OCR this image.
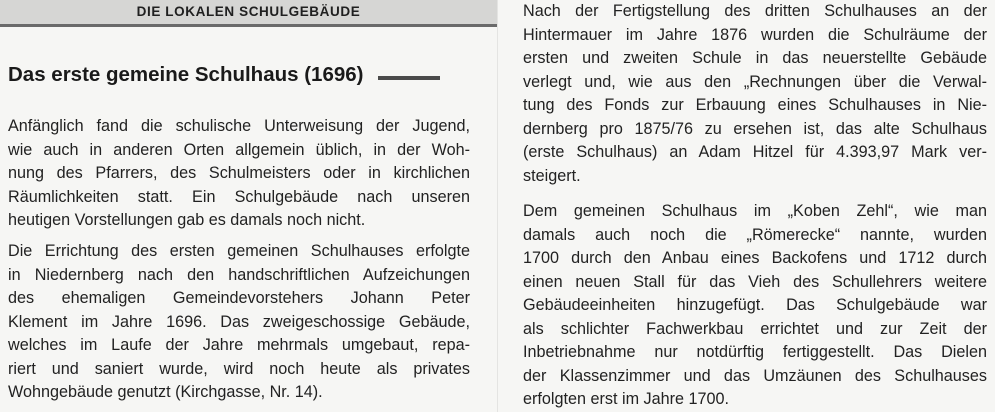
DIE LOKALEN SCHULGEBÄUDE
Das erste gemeine Schulhaus (1696)
Anfänglich fand die schulische Unterweisung der Jugend,
wie auch in anderen Orten allgemein üblich, in der Woh-
nung des Pfarrers, des Schulmeisters oder in kirchlichen
Räumlichkeiten statt. Ein Schulgebäude nach unseren
heutigen Vorstellungen gab es damals noch nicht.
Die Errichtung des ersten gemeinen Schulhauses erfolgte
in Niedernberg nach den handschriftlichen Aufzeichungen
des ehemaligen Gemeindevorstehers Johann Peter
Klement im Jahre 1696. Das zweigeschossige Gebäude,
welches im Laufe der Jahre mehrmals umgebaut, repa-
riert und saniert wurde, wird noch heute als privates
Wohngebäude genutzt (Kirchgasse, Nr. 14).
Nach der Fertigstellung des dritten Schulhauses an der
Hintermauer im Jahre 1876 wurden die Schulräume der
ersten und zweiten Schule in das neuerstellte Gebäude
verlegt und, wie aus den „Rechnungen über die Verwal-
tung des Fonds zur Erbauung eines Schulhauses in Nie-
dernberg pro 1875/76 zu ersehen ist, das alte Schulhaus
(erste Schulhaus) an Adam Hitzel für 4.393,97 Mark ver-
steigert.
Dem gemeinen Schulhaus im „Koben Zehl“, wie man
damals auch noch die „Römerecke“ nannte, wurden
1700 durch den Anbau eines Backofens und 1712 durch
einen neuen Stall für das Vieh des Schullehrers weitere
Gebäudeeinheiten hinzugefügt. Das Schulgebäude war
als schlichter Fachwerkbau errichtet und zur Zeit der
Inbetriebnahme nur notdürftig fertiggestellt. Das Dielen
der Klassenzimmer und das Umzäunen des Schulhauses
erfolgten erst im Jahre 1700.
